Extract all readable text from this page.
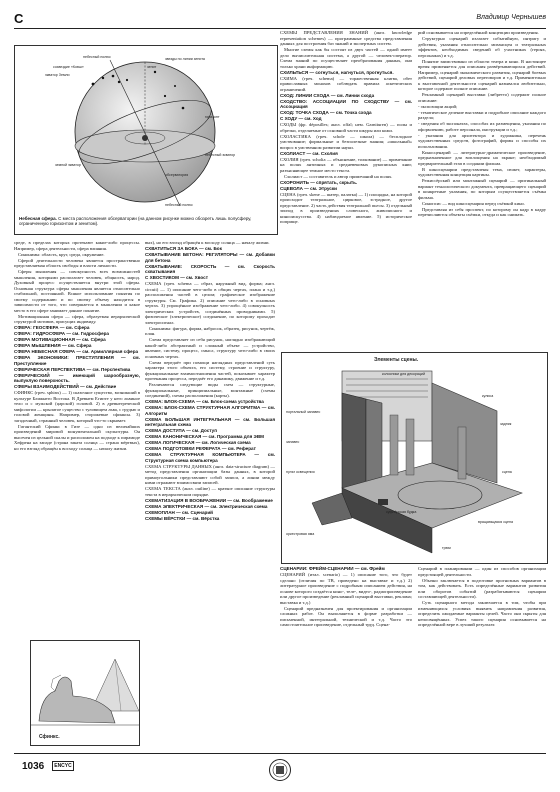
С	Владимир Чернышев
небесный полюс
созвездие «Ковш»
экватор Земли
звезды по линии зенита
зенит
горизонт
небесный экватор
обсерватория
небесный полюс
земной экватор
Небесная сфера. С места расположения обсерватории (на данном рисунке можно обозреть лишь полусферу, ограниченную горизонтом и зенитом).

среде, в пределах которых протекают какие-либо процессы. Например, сфера деятельности, сфера влияния.

Синонимы: область, круг, среда, окружение.

Сферой деятельности человека является пространственно представляемая область свободы и власти личности.

Сферы мышления — совокупность всех возможностей мышления, которыми располагает человек, общность, народ. Духовный процесс осуществляется внутри этой сферы. Основная структура сферы мышления является относительно стабильной, постоянной. Всякое использование понятия по своему содержанию и по своему объему находится в зависимости от того, что совершается в мышлении и какое место в его сфере занимает данное понятие.

Мотивационная сфера — сфера, образуемая иерархической структурой мотивов, присущих индивиду.

СФЕРА: ГЕОСФЕРА — см. Сфера

СФЕРА: ГИДРОСФЕРА — см. Гидросфера

СФЕРА МОТИВАЦИОННАЯ — см. Сфера

СФЕРА МЫШЛЕНИЯ — см. Сфера

СФЕРА НЕБЕСНАЯ СФЕРА — см. Армиллярная сфера

СФЕРА ЭКОНОМИКИ: ПРЕСТУПЛЕНИЯ — см. Преступление

СФЕРИЧЕСКАЯ ПЕРСПЕКТИВА — см. Перспектива

СФЕРИЧЕСКИЙ — имеющий шарообразную, выпуклую поверхность.

СФЕРЫ ВЗАИМОДЕЙСТВИЙ — см. Действие

СФИНКС (греч. sphinx) — 1) сказочное существо, возникший в культуре Ближнего Востока. В Древнем Египте у него львиное тело и с мужской (царской) головой. 2) в древнегреческой мифологии — крылатое существо с туловищем льва, с грудью и головой женщины. Например, сторожевые сфинксы. 3) загадочный, странный человек, который что-то скрывает.

Гигантский Сфинкс в Гизе — одно из величайших произведений мировой монументальной скульптуры. Он высечен из цельной скалы и расположен на подходе к пирамиде Хефрена на западе (страна заката солнца — страна мёртвых), но его взгляд обращён к восходу солнца — началу жизни.

Сфинкс.

вых), но его взгляд обращён к восходу солнца — началу жизни.

СХВАТИТЬСЯ ЗА БОКА — см. Бок

СХВАТЫВАНИЕ БЕТОНА: РЕГУЛЯТОРЫ — см. Добавки для бетона

СХВАТЫВАНИЕ: СКОРОСТЬ — см. Скорость схватывания

С ХВОСТИКОМ — см. Хвост

СХЕМА (греч. schema — образ, наружный вид, форма; англ. circuit) — 1) описание чего-либо в общих чертах, плана и т.д.) расположения частей в целом; графическое изображение структуры. См. Графика. 2) описание чего-либо в основных чертах. 3) упрощённое изображение чего-либо. 4) совокупность электрических устройств, соединённых проводниками. 5) физическое (электрическое) соединение, по которому проходит электросигнал.

Синонимы: фигура, форма, набросок, образец, рисунок, чертёж, план.

Схема представляет из себя рисунок, наглядно изображающий какой-либо абстрактный и сложный объект — устройство, явление, систему, процесс, смысл, структуру чего-либо в своих основных чертах.

Схема передаёт при помощи наглядных представлений суть характера этого объекта, его систему, строение и структуру, функциональные взаимоотношения частей, показывает характер протекания процесса, передаёт его динамику, движение и т.д.

Различаются следующие виды схем — структурные, функциональные, принципиальные, монтажные (схемы соединений), схемы расположения (карты).

СХЕМА: БЛОК-СХЕМА — см. Блок-схема устройства

СХЕМА: БЛОК-СХЕМА СТРУКТУРНАЯ АЛГОРИТМА — см. Алгоритм

СХЕМА БОЛЬШАЯ ИНТЕГРАЛЬНАЯ — см. Большая интегральная схема

СХЕМА ДОСТУПА — см. Доступ

СХЕМА КАНОНИЧЕСКАЯ — см. Программа для ЭВМ

СХЕМА ЛОГИЧЕСКАЯ — см. Логическая схема

СХЕМА ПОДГОТОВКИ РЕФЕРАТА — см. Реферат

СХЕМА СТРУКТУРНАЯ КОМПЬЮТЕРА — см. Структурная схема компьютера

СХЕМА СТРУКТУРЫ ДАННЫХ (англ. data-structure diagram) — метод представления организации базы данных, в которой прямоугольники представляют собой записи, а линии между ними отражают взаимосвязи записей.

СХЕМА ТЕКСТА (англ. outline) — краткое описание структуры текста в иерархическом порядке.

СХЕМАТИЗАЦИЯ В ВООБРАЖЕНИИ — см. Воображение

СХЕМА ЭЛЕКТРИЧЕСКАЯ — см. Электрическая схема

СХЕМОПЛАН — см. Сценарий

СХЕМЫ ВЁРСТКИ — см. Вёрстка

СХЕМЫ ПРЕДСТАВЛЕНИЯ ЗНАНИЙ (англ. knowledge representation schemes) — программные средства представления данных для построения баз знаний и экспертных систем.

Многие схемы как бы состоят из двух частей — одной имеет дело вычислительная система, а другой — человек-оператор. Схема знаний по осуществляет преобразования данных, они только храни информацию.

СХИЛЬТЬСЯ — согнуться, нагнуться, прогнуться.

СХИМА (греч. schema) — торжественная клятва, обет православных монахов соблюдать правила аскетических ограничений.

СХОД: ЛИНИИ СХОДА — см. Линии схода

СХОДСТВО: АССОЦИАЦИИ ПО СХОДСТВУ — см. Ассоциация

СХОД: ТОЧКА СХОДА — см. Точка схода

С ХОДУ — см. Ход

СХОДЫ (фр. déposilles; англ. offal; нем. Garnituren) — полы и обрезки, отделяемые от основной части шкуры или кожи.

СХОЛАСТИКА (греч. schole — школа) — бесплодное умствование; формальные и безполезные знания; «школьный» вопрос в умственном развитии науки.

СХОЛИАСТ — см. Схолия

СХОЛИЯ (греч. scholia — объяснение, толкование) — примечание на полях античных и средневековых рукописных книг, разъясняющее темное место текста.

Схолиаст — составитель и автор примечаний на полях.

СХОРОНИТЬ — спрятать, скрыть.

СЦЕВОЛА — см. Этруски

СЦЕНА (греч. skene — шатер, палатка) — 1) площадка, на которой происходит театральное, цирковое, эстрадное, другое представление. 2) часть действия театральной пьесы. 3) отдельный эпизод в произведениях словесного, живописного и кинооискусства. 4) наблюдаемое явление. 5) историческое поприще.

рий основывается на определённой концепции произведения.

Структурно сценарий излагает событийную, интригу и действия, указания относительно мизансцен и театральных эффектов, необходимых сведений об участниках (героях, персонажах) и т.д.

Понятие заимствовано из области театра и кино. В настоящее время применяется для описания развёртывающихся действий. Например, сценарий экономического развития, сценарий боевых действий, сценарий деловых переговоров и т.д. Применительно к выставочной деятельности сценарий назывался любительно, которое содержит полное описание.

Рекламный сценарий выставки (либретто) содержит полное описание:

- экспозиции акций;

- тематическое деление выставки и подробное описание каждого раздела;

- сведения об экспонатах, способах их размещения, указания по оформлению, работе персонала, инструкции и т.д.;

- указания для архитектора и художника, перечень художественных средств, фотографий, формы и способы их использования.

Киносценарий — литературно-драматическое произведение, предназначенное для воплощения на экране; необходимый предварительный этап в создании фильма.

В киносценарии представлены тема, сюжет, характеры, художественная концепция картины.

Режиссёрский или монтажный сценарий — оригинальный вариант технологического документа, превращающего сценарий в конкретные указания, по которым осуществляется съёмка фильма.

Синопсис — вид киносценария перед съёмкой кино.

Представляя из себя проспект, по которому он кадр в кадру перечисляются объекты съёмки, откуда и как снимать.

Элементы сцены.
колосники для декораций
кулиса
задник
портальный занавес
занавес
пульт освещения	сцена
суфлёрская будка
оркестровая яма
вращающаяся сцена
трюм

СЦЕНАРИИ: ФРЕЙМ-СЦЕНАРИИ — см. Фрейм

СЦЕНАРИЙ (итал. scenario) — 1) описание того, что будет сделано (отличия по ТВ, проведено на выставке и т.д.) 2) литературное произведение с подробным описанием действия, на основе которого создаётся кино-, теле-, видео-, радиопроизведение или другое произведение (рекламный сценарий выставки, реклама; выставка и т.д.)

Сценарий предназначен для проектирования и организации сложных работ. Он выполняется в форме разработки — письменной, интегральной, технической и т.д. Часто это самостоятельное произведение, отдельный труд. Сцена-

Сценарий в планировании — один из способов организации предстоящей деятельности.

Обычно заключается в подготовке прогнозных вариантов в том, как действовать. Есть определённые вариантов развития или оборотов событий (разрабатываются сценарии составляющей деятельности).

Суть сценарного метода заключается в том, чтобы при изменяющихся условиях выявить направления развития, определить ожидаемые варианты целей. Часто они скрыты для непосвящённых. Успех такого сценария основывается на определённой вере в лучший результат.

1036	ENCYC
